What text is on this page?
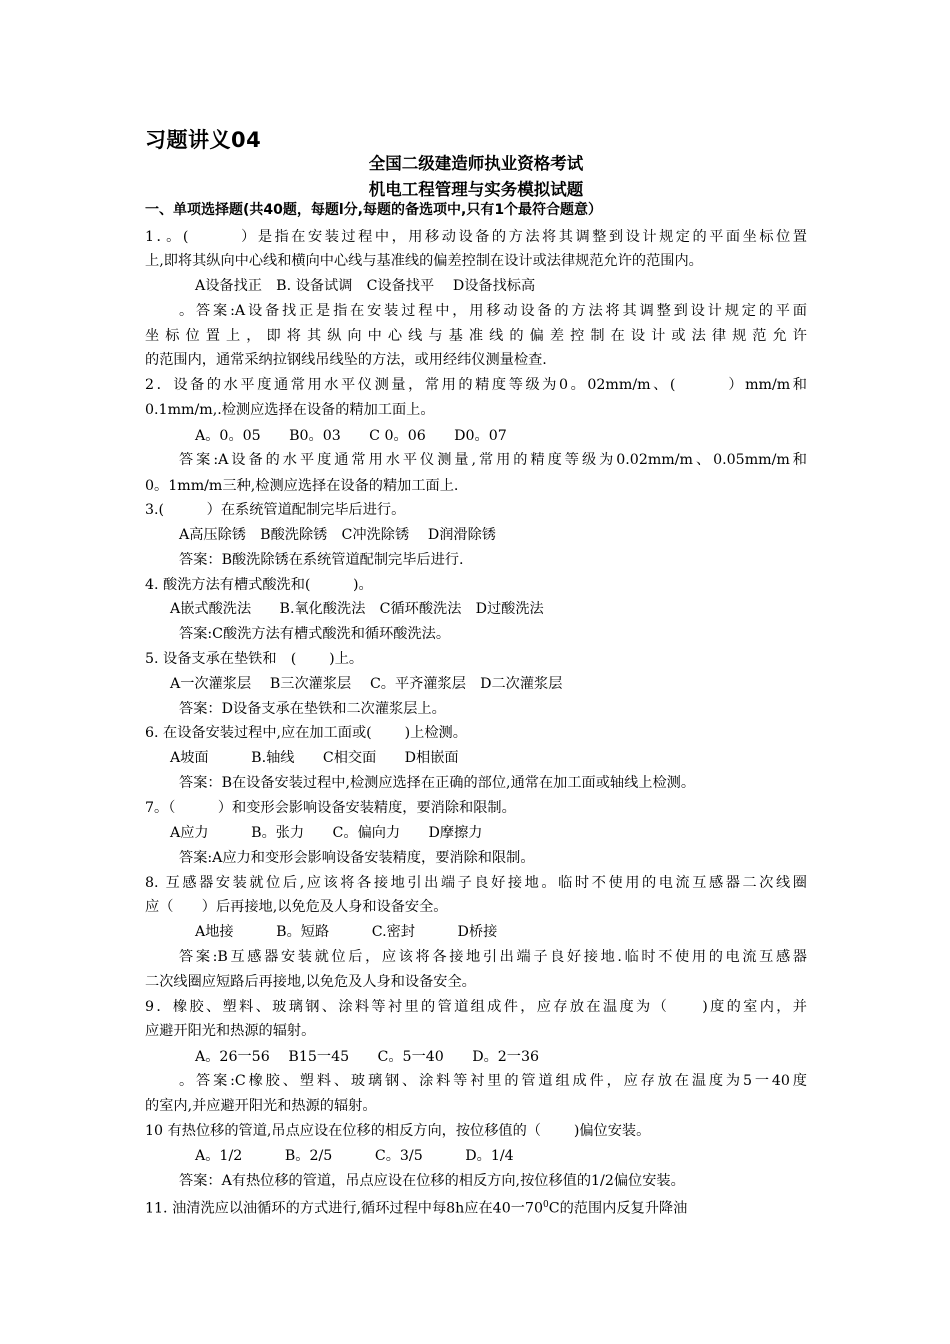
习题讲义04
全国二级建造师执业资格考试
机电工程管理与实务模拟试题
一、单项选择题(共40题，每题l分,每题的备选项中,只有1个最符合题意）
1．。(　　　）是指在安装过程中，用移动设备的方法将其调整到设计规定的平面坐标位置
上,即将其纵向中心线和横向中心线与基准线的偏差控制在设计或法律规范允许的范围内。
A设备找正　B. 设备试调　C设备找平　 D设备找标高
。答案:A设备找正是指在安装过程中，用移动设备的方法将其调整到设计规定的平面
坐标位置上，即将其纵向中心线与基准线的偏差控制在设计或法律规范允许
的范围内，通常采纳拉钢线吊线坠的方法，或用经纬仪测量检查.
2．设备的水平度通常用水平仪测量，常用的精度等级为0。02mm/m、(　　　）mm/m和
0.1mm/m,.检测应选择在设备的精加工面上。
A。0。05　　B0。03　　C 0。06　　D0。07
答案:A设备的水平度通常用水平仪测量,常用的精度等级为0.02mm/m、0.05mm/m和
0。1mm/m三种,检测应选择在设备的精加工面上.
3.(　　　）在系统管道配制完毕后进行。
A高压除锈　B酸洗除锈　C冲洗除锈　 D润滑除锈
答案：B酸洗除锈在系统管道配制完毕后进行.
4. 酸洗方法有槽式酸洗和(　　　)。
A嵌式酸洗法　　B.氧化酸洗法　C循环酸洗法　D过酸洗法
答案:C酸洗方法有槽式酸洗和循环酸洗法。
5. 设备支承在垫铁和　(　　 )上。
A一次灌浆层　 B三次灌浆层　 C。平齐灌浆层　D二次灌浆层
答案：D设备支承在垫铁和二次灌浆层上。
6. 在设备安装过程中,应在加工面或(　　 )上检测。
A坡面　　　B.轴线　　C相交面　　D相嵌面
答案：B在设备安装过程中,检测应选择在正确的部位,通常在加工面或轴线上检测。
7。（　　　）和变形会影响设备安装精度，要消除和限制。
A应力　　　B。张力　　C。偏向力　　D摩擦力
答案:A应力和变形会影响设备安装精度，要消除和限制。
8. 互感器安装就位后,应该将各接地引出端子良好接地。临时不使用的电流互感器二次线圈
应（　　）后再接地,以免危及人身和设备安全。
A地接　　　B。短路　　　C.密封　　　D桥接
答案:B互感器安装就位后，应该将各接地引出端子良好接地.临时不使用的电流互感器
二次线圈应短路后再接地,以免危及人身和设备安全。
9．橡胶、塑料、玻璃钢、涂料等衬里的管道组成件，应存放在温度为（　　)度的室内，并
应避开阳光和热源的辐射。
A。26一56　 B15一45　　C。5一40　　D。2一36
。答案:C橡胶、塑料、玻璃钢、涂料等衬里的管道组成件，应存放在温度为5一40度
的室内,并应避开阳光和热源的辐射。
10 有热位移的管道,吊点应设在位移的相反方向，按位移值的（　　 )偏位安装。
A。1/2　　　B。2/5　　　C。3/5　　　D。1/4
答案：A有热位移的管道，吊点应设在位移的相反方向,按位移值的1/2偏位安装。
11. 油清洗应以油循环的方式进行,循环过程中每8h应在40一$70^0C$的范围内反复升降油
